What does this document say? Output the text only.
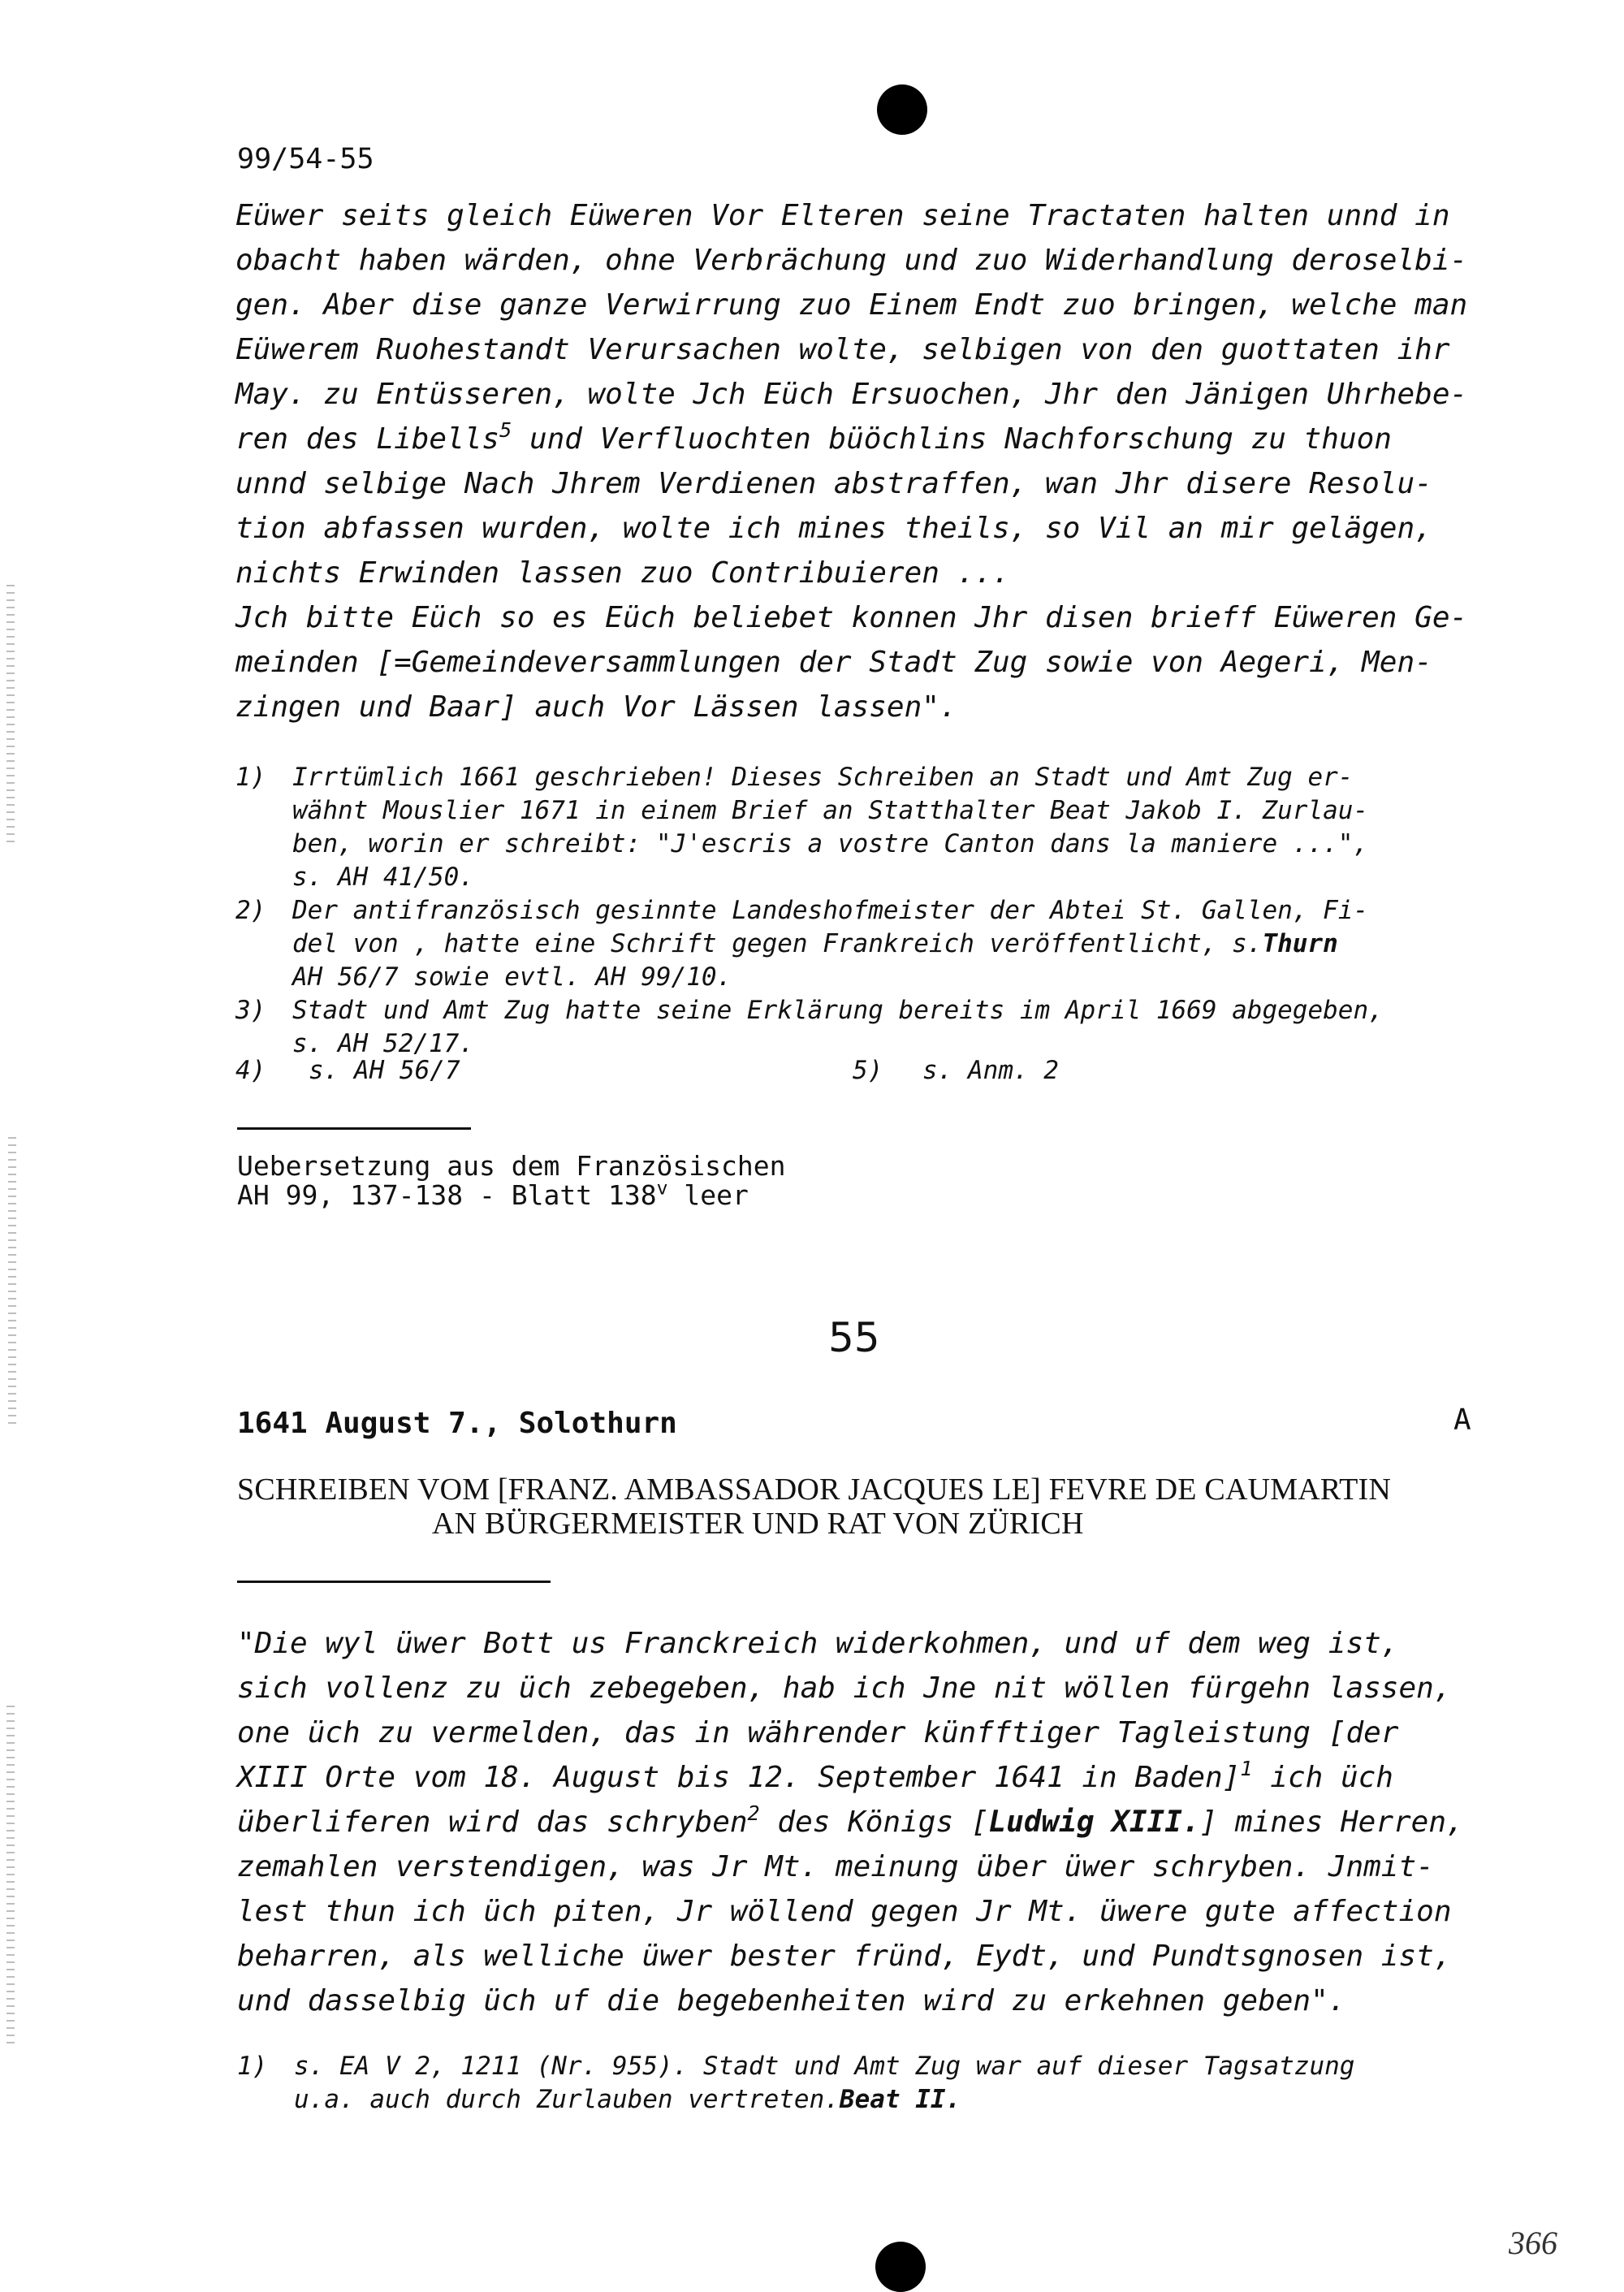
99/54-55
Eüwer seits gleich Eüweren Vor Elteren seine Tractaten halten unnd in
obacht haben wärden, ohne Verbrächung und zuo Widerhandlung deroselbi-
gen. Aber dise ganze Verwirrung zuo Einem Endt zuo bringen, welche man
Eüwerem Ruohestandt Verursachen wolte, selbigen von den guottaten ihr
May. zu Entüsseren, wolte Jch Eüch Ersuochen, Jhr den Jänigen Uhrhebe-
ren des Libells$^5$ und Verfluochten büöchlins Nachforschung zu thuon
unnd selbige Nach Jhrem Verdienen abstraffen, wan Jhr disere Resolu-
tion abfassen wurden, wolte ich mines theils, so Vil an mir gelägen,
nichts Erwinden lassen zuo Contribuieren ...
Jch bitte Eüch so es Eüch beliebet konnen Jhr disen brieff Eüweren Ge-
meinden [=Gemeindeversammlungen der Stadt Zug sowie von Aegeri, Men-
zingen und Baar] auch Vor Lässen lassen".
1)	Irrtümlich 1661 geschrieben! Dieses Schreiben an Stadt und Amt Zug er-
wähnt Mouslier 1671 in einem Brief an Statthalter Beat Jakob I. Zurlau-
ben, worin er schreibt: "J'escris a vostre Canton dans la maniere ...",
s. AH 41/50.
2)	Der antifranzösisch gesinnte Landeshofmeister der Abtei St. Gallen, Fi-
del von , hatte eine Schrift gegen Frankreich veröffentlicht, s.Thurn
AH 56/7 sowie evtl. AH 99/10.
3)	Stadt und Amt Zug hatte seine Erklärung bereits im April 1669 abgegeben,
s. AH 52/17.
4) s. AH 56/7	5) s. Anm. 2
Uebersetzung aus dem Französischen
AH 99, 137-138 - Blatt 138$^v$ leer
55
1641 August 7., Solothurn	A
SCHREIBEN VOM [FRANZ. AMBASSADOR JACQUES LE] FEVRE DE CAUMARTIN
AN BÜRGERMEISTER UND RAT VON ZÜRICH
"Die wyl üwer Bott us Franckreich widerkohmen, und uf dem weg ist,
sich vollenz zu üch zebegeben, hab ich Jne nit wöllen fürgehn lassen,
one üch zu vermelden, das in währender künfftiger Tagleistung [der
XIII Orte vom 18. August bis 12. September 1641 in Baden]$^1$ ich üch
überliferen wird das schryben$^2$ des Königs [Ludwig XIII.] mines Herren,
zemahlen verstendigen, was Jr Mt. meinung über üwer schryben. Jnmit-
lest thun ich üch piten, Jr wöllend gegen Jr Mt. üwere gute affection
beharren, als welliche üwer bester fründ, Eydt, und Pundtsgnosen ist,
und dasselbig üch uf die begebenheiten wird zu erkehnen geben".
1)	s. EA V 2, 1211 (Nr. 955). Stadt und Amt Zug war auf dieser Tagsatzung
u.a. auch durch Zurlauben vertreten.Beat II.
366
